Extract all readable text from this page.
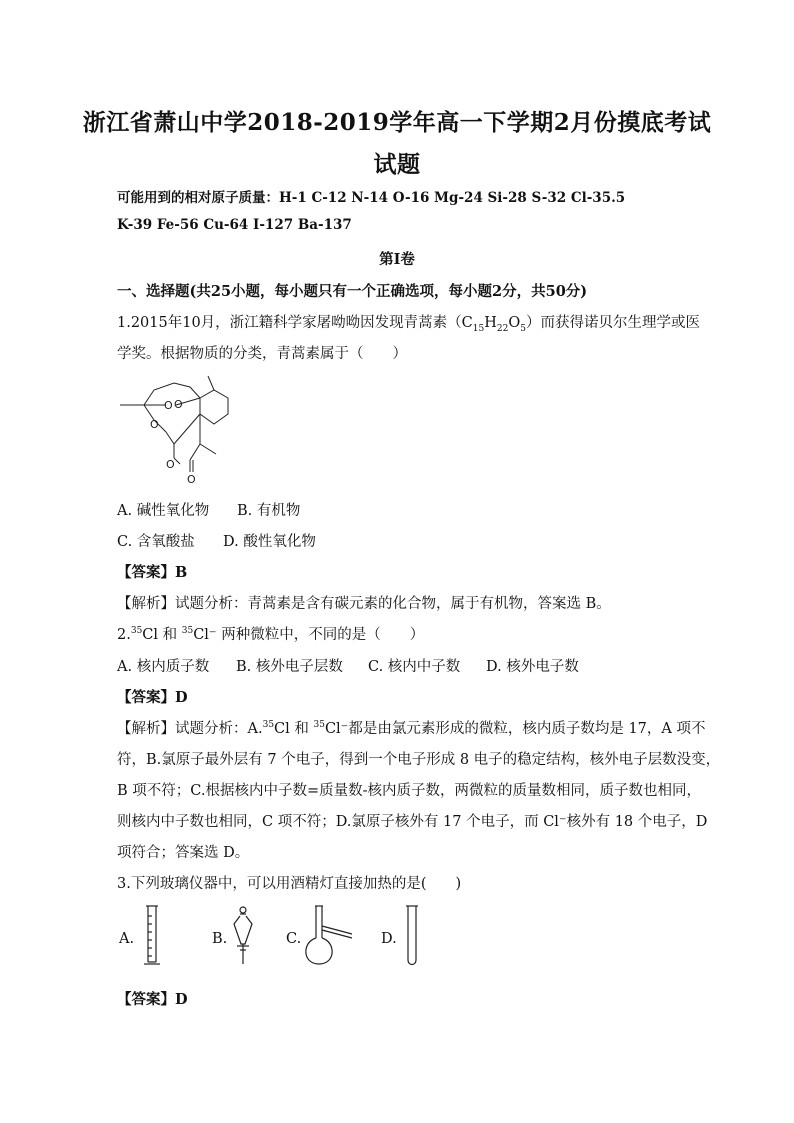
浙江省萧山中学2018-2019学年高一下学期2月份摸底考试
试题
可能用到的相对原子质量：H-1 C-12 N-14 O-16 Mg-24 Si-28 S-32 Cl-35.5
K-39 Fe-56 Cu-64 I-127 Ba-137
第Ⅰ卷
一、选择题(共25小题，每小题只有一个正确选项，每小题2分，共50分)
1.2015年10月，浙江籍科学家屠呦呦因发现青蒿素$(C_{15}H_{22}O_5)$而获得诺贝尔生理学或医
学奖。根据物质的分类，青蒿素属于（　　）
O O
O
O
O
A. 碱性氧化物 B. 有机物
C. 含氧酸盐 D. 酸性氧化物
【答案】B
【解析】试题分析：青蒿素是含有碳元素的化合物，属于有机物，答案选 B。
2.35Cl 和 $^{35}$Cl⁻ 两种微粒中，不同的是（　　）
A. 核内质子数 B. 核外电子层数 C. 核内中子数 D. 核外电子数
【答案】D
【解析】试题分析：A.$^{35}$Cl 和 $^{35}$Cl⁻都是由氯元素形成的微粒，核内质子数均是 17，A 项不
符，B.氯原子最外层有 7 个电子，得到一个电子形成 8 电子的稳定结构，核外电子层数没变，
B 项不符；C.根据核内中子数=质量数-核内质子数，两微粒的质量数相同，质子数也相同，
则核内中子数也相同，C 项不符；D.氯原子核外有 17 个电子，而 Cl⁻核外有 18 个电子，D
项符合；答案选 D。
3.下列玻璃仪器中，可以用酒精灯直接加热的是(　　)
A.	B.	C.	D.
【答案】D
